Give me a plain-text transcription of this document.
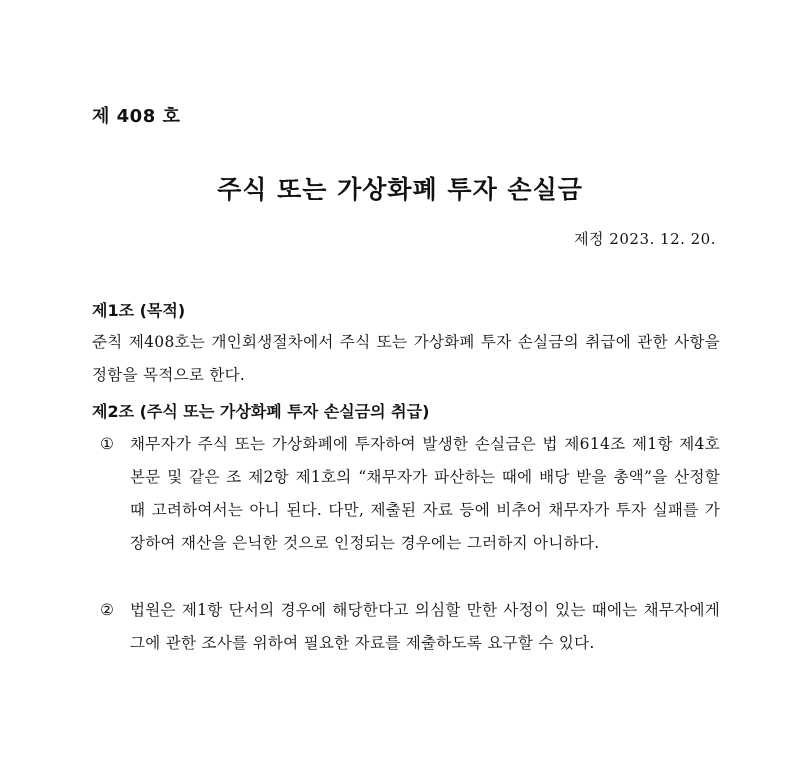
제 408 호
주식 또는 가상화폐 투자 손실금
제정 2023. 12. 20.
제1조 (목적)
준칙 제408호는 개인회생절차에서 주식 또는 가상화폐 투자 손실금의 취급에 관한 사항을 정함을 목적으로 한다.
제2조 (주식 또는 가상화폐 투자 손실금의 취급)
① 채무자가 주식 또는 가상화폐에 투자하여 발생한 손실금은 법 제614조 제1항 제4호 본문 및 같은 조 제2항 제1호의 “채무자가 파산하는 때에 배당 받을 총액”을 산정할 때 고려하여서는 아니 된다. 다만, 제출된 자료 등에 비추어 채무자가 투자 실패를 가장하여 재산을 은닉한 것으로 인정되는 경우에는 그러하지 아니하다.
② 법원은 제1항 단서의 경우에 해당한다고 의심할 만한 사정이 있는 때에는 채무자에게 그에 관한 조사를 위하여 필요한 자료를 제출하도록 요구할 수 있다.
